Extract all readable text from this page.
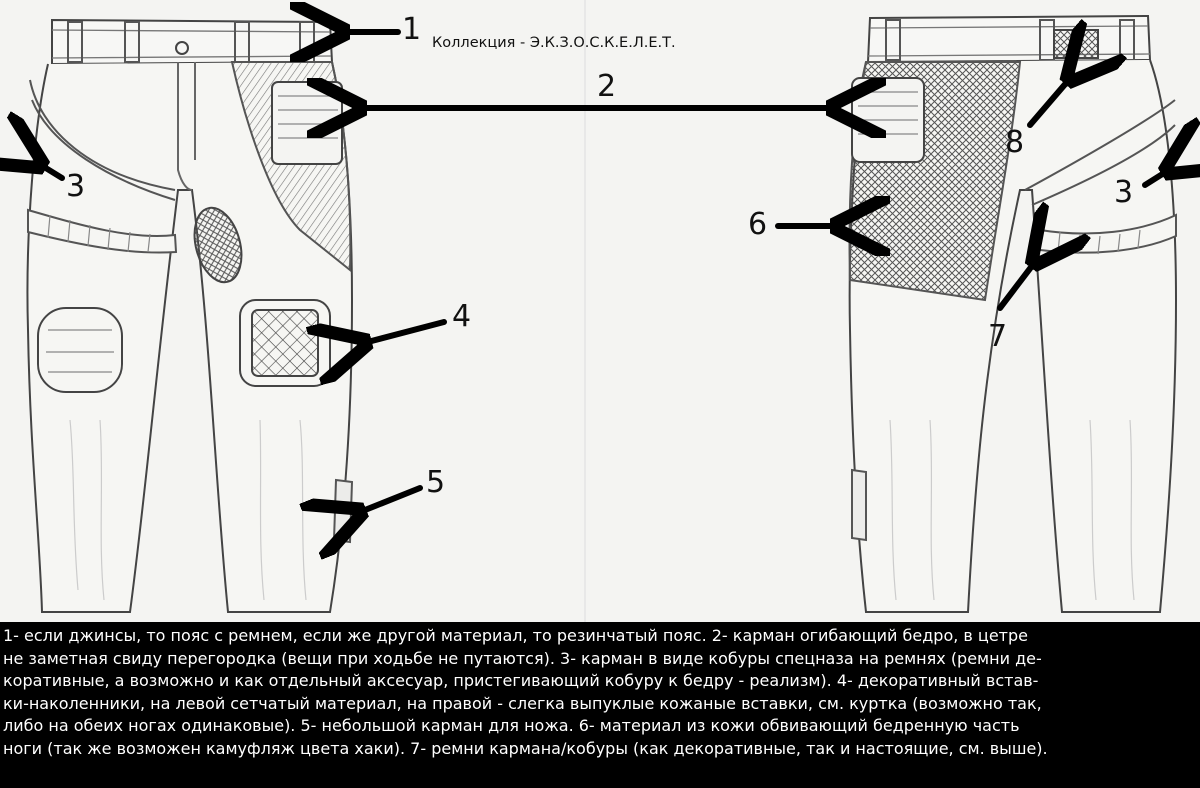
1 Коллекция - Э.К.З.О.С.К.Е.Л.Е.Т.
2
3	3
4
5
6
7
8
1- если джинсы, то пояс с ремнем, если же другой материал, то резинчатый пояс. 2- карман огибающий бедро, в цетре
не заметная свиду перегородка (вещи при ходьбе не путаются). 3- карман в виде кобуры спецназа на ремнях (ремни де-
коративные, а возможно и как отдельный аксесуар, пристегивающий кобуру к бедру - реализм). 4- декоративный встав-
ки-наколенники, на левой сетчатый материал, на правой - слегка выпуклые кожаные вставки, см. куртка (возможно так,
либо на обеих ногах одинаковые). 5- небольшой карман для ножа. 6- материал из кожи обвивающий бедренную часть
ноги (так же возможен камуфляж цвета хаки). 7- ремни кармана/кобуры (как декоративные, так и настоящие, см. выше).
